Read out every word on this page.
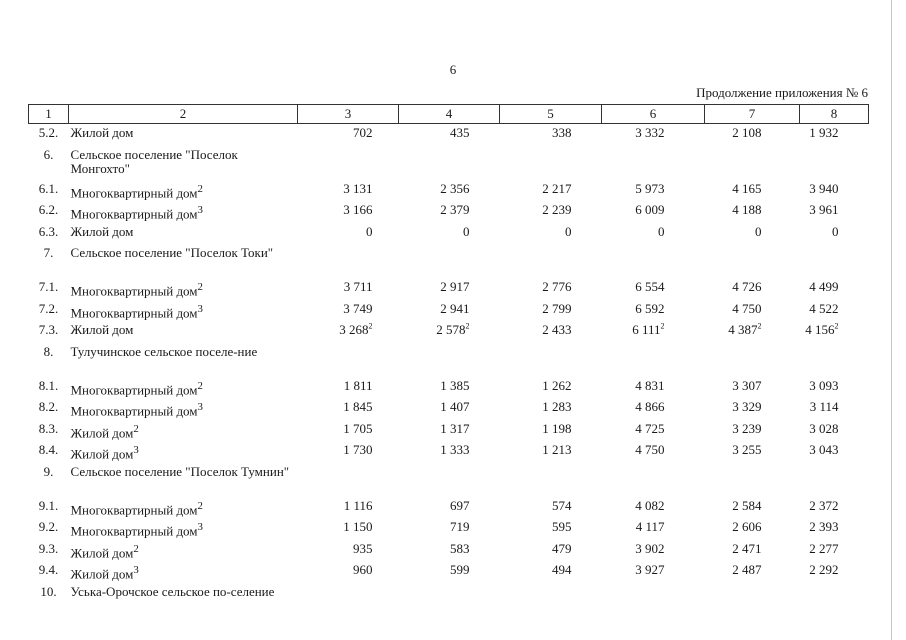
6
Продолжение приложения № 6
1	2	3	4	5	6	7	8
5.2.	Жилой дом	702	435	338	3 332	2 108	1 932
6.	Сельское поселение "Поселок Монгохто"						
6.1.	Многоквартирный дом$^2$	3 131	2 356	2 217	5 973	4 165	3 940
6.2.	Многоквартирный дом$^3$	3 166	2 379	2 239	6 009	4 188	3 961
6.3.	Жилой дом	0	0	0	0	0	0
7.	Сельское поселение "Поселок Токи"						
7.1.	Многоквартирный дом$^2$	3 711	2 917	2 776	6 554	4 726	4 499
7.2.	Многоквартирный дом$^3$	3 749	2 941	2 799	6 592	4 750	4 522
7.3.	Жилой дом	3 $268^2$	2 $578^2$	2 433	6 $111^2$	4 $387^2$	4 $156^2$
8.	Тулучинское сельское поселе-ние						
8.1.	Многоквартирный дом$^2$	1 811	1 385	1 262	4 831	3 307	3 093
8.2.	Многоквартирный дом$^3$	1 845	1 407	1 283	4 866	3 329	3 114
8.3.	Жилой дом$^2$	1 705	1 317	1 198	4 725	3 239	3 028
8.4.	Жилой дом$^3$	1 730	1 333	1 213	4 750	3 255	3 043
9.	Сельское поселение "Поселок Тумнин"						
9.1.	Многоквартирный дом$^2$	1 116	697	574	4 082	2 584	2 372
9.2.	Многоквартирный дом$^3$	1 150	719	595	4 117	2 606	2 393
9.3.	Жилой дом$^2$	935	583	479	3 902	2 471	2 277
9.4.	Жилой дом$^3$	960	599	494	3 927	2 487	2 292
10.	Уська-Орочское сельское по-селение						
